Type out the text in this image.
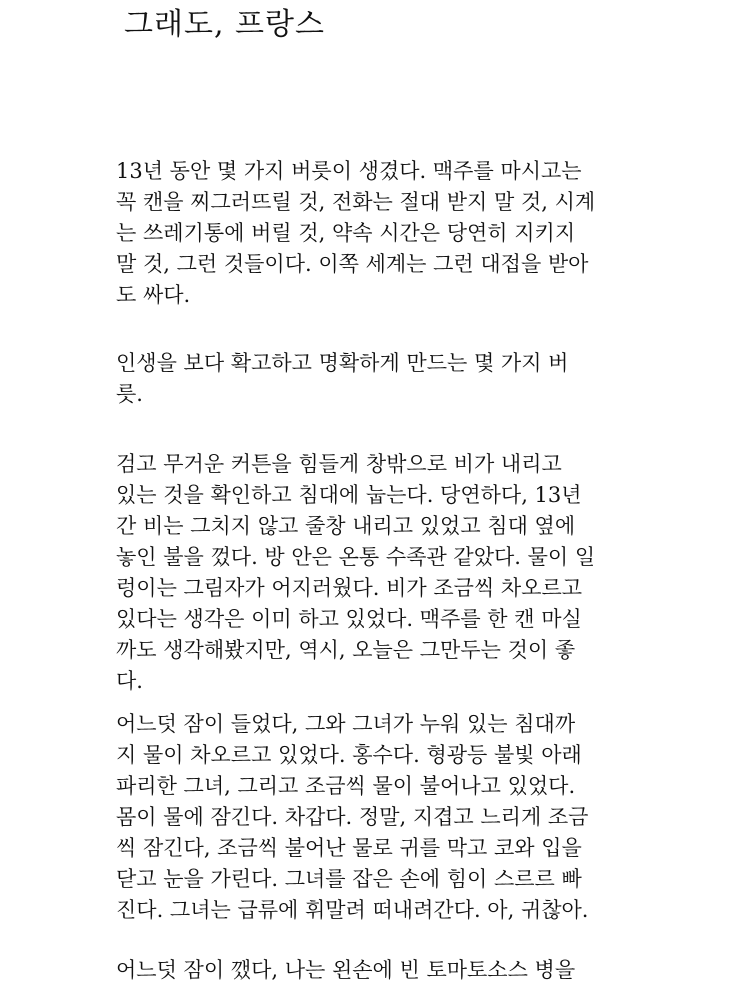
그래도, 프랑스
13년 동안 몇 가지 버릇이 생겼다. 맥주를 마시고는
꼭 캔을 찌그러뜨릴 것, 전화는 절대 받지 말 것, 시계
는 쓰레기통에 버릴 것, 약속 시간은 당연히 지키지
말 것, 그런 것들이다. 이쪽 세계는 그런 대접을 받아
도 싸다.
인생을 보다 확고하고 명확하게 만드는 몇 가지 버
릇.
검고 무거운 커튼을 힘들게 창밖으로 비가 내리고
있는 것을 확인하고 침대에 눕는다. 당연하다, 13년
간 비는 그치지 않고 줄창 내리고 있었고 침대 옆에
놓인 불을 껐다. 방 안은 온통 수족관 같았다. 물이 일
렁이는 그림자가 어지러웠다. 비가 조금씩 차오르고
있다는 생각은 이미 하고 있었다. 맥주를 한 캔 마실
까도 생각해봤지만, 역시, 오늘은 그만두는 것이 좋
다.
어느덧 잠이 들었다, 그와 그녀가 누워 있는 침대까
지 물이 차오르고 있었다. 홍수다. 형광등 불빛 아래
파리한 그녀, 그리고 조금씩 물이 불어나고 있었다.
몸이 물에 잠긴다. 차갑다. 정말, 지겹고 느리게 조금
씩 잠긴다, 조금씩 불어난 물로 귀를 막고 코와 입을
닫고 눈을 가린다. 그녀를 잡은 손에 힘이 스르르 빠
진다. 그녀는 급류에 휘말려 떠내려간다. 아, 귀찮아.
어느덧 잠이 깼다, 나는 왼손에 빈 토마토소스 병을
